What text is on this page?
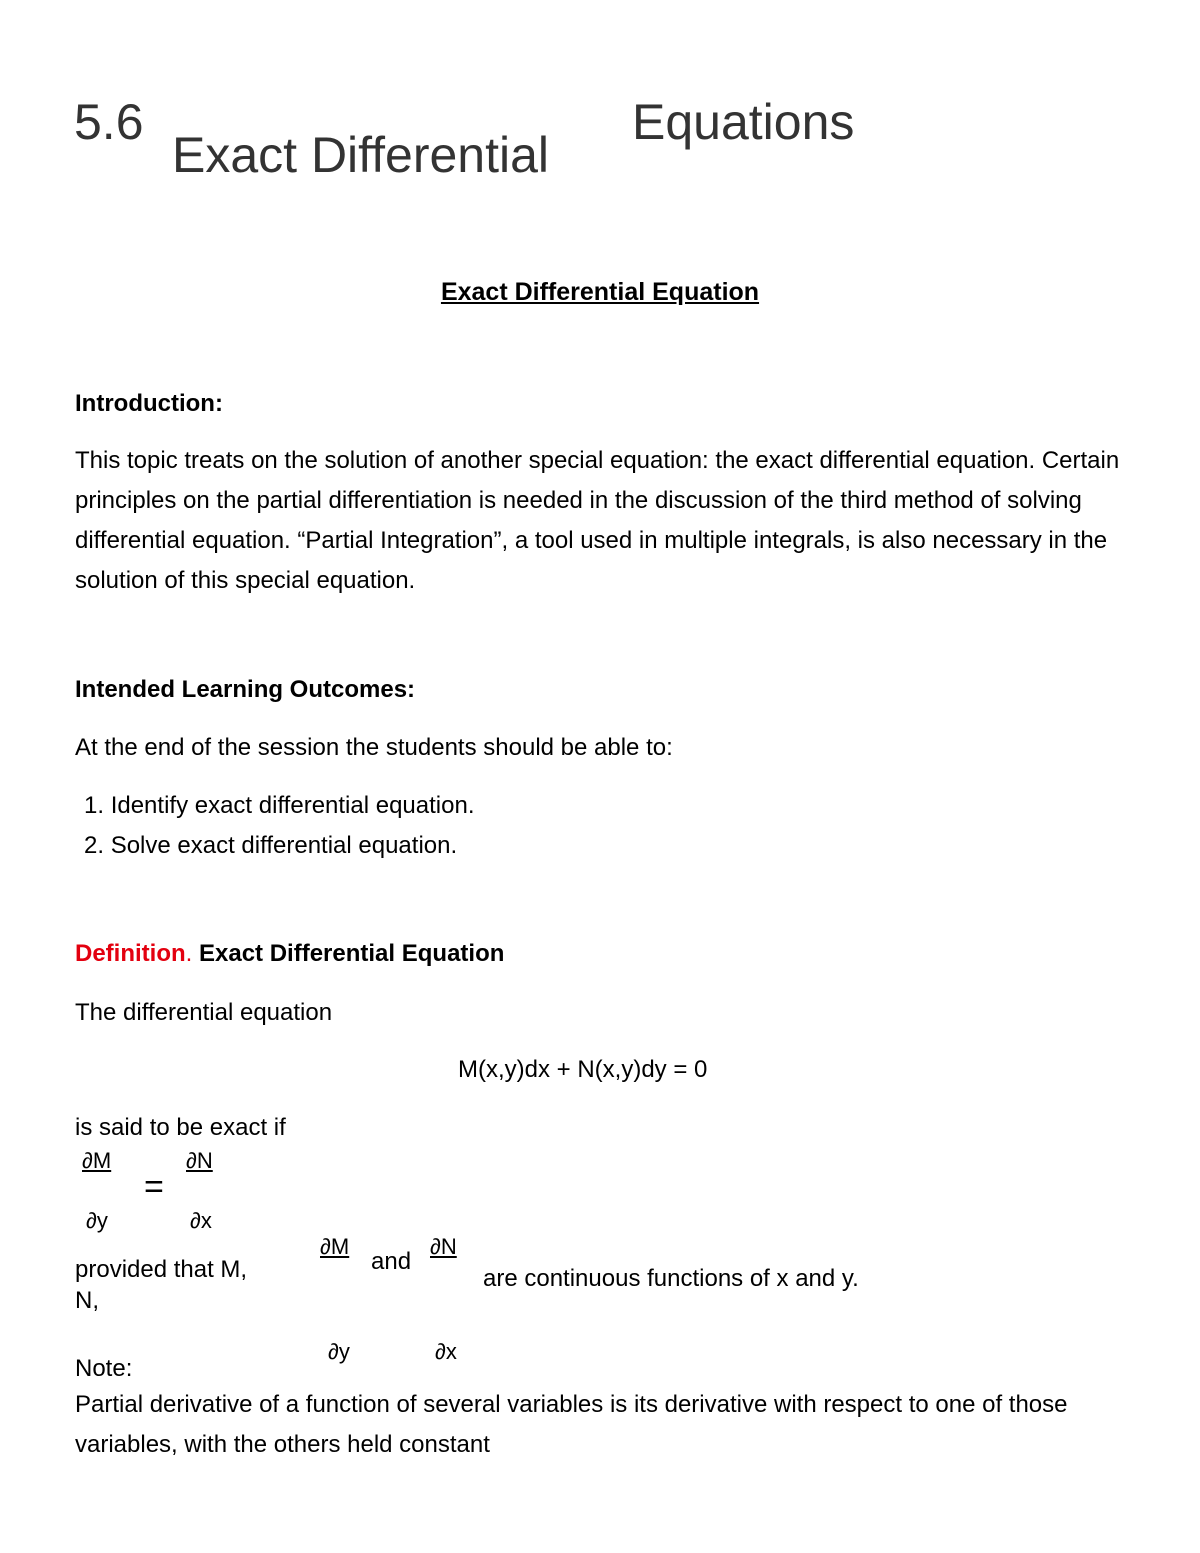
5.6
Exact Differential
Equations
Exact Differential Equation
Introduction:
This topic treats on the solution of another special equation: the exact differential equation. Certain principles on the partial differentiation is needed in the discussion of the third method of solving differential equation. “Partial Integration”, a tool used in multiple integrals, is also necessary in the solution of this special equation.
Intended Learning Outcomes:
At the end of the session the students should be able to:
1. Identify exact differential equation.
2. Solve exact differential equation.
Definition. Exact Differential Equation
The differential equation
M(x,y)dx + N(x,y)dy = 0
is said to be exact if
∂M
∂y
=
∂N
∂x
provided that M,
N,
∂M
and
∂N
are continuous functions of x and y.
∂y	∂x
Note:
Partial derivative of a function of several variables is its derivative with respect to one of those variables, with the others held constant
